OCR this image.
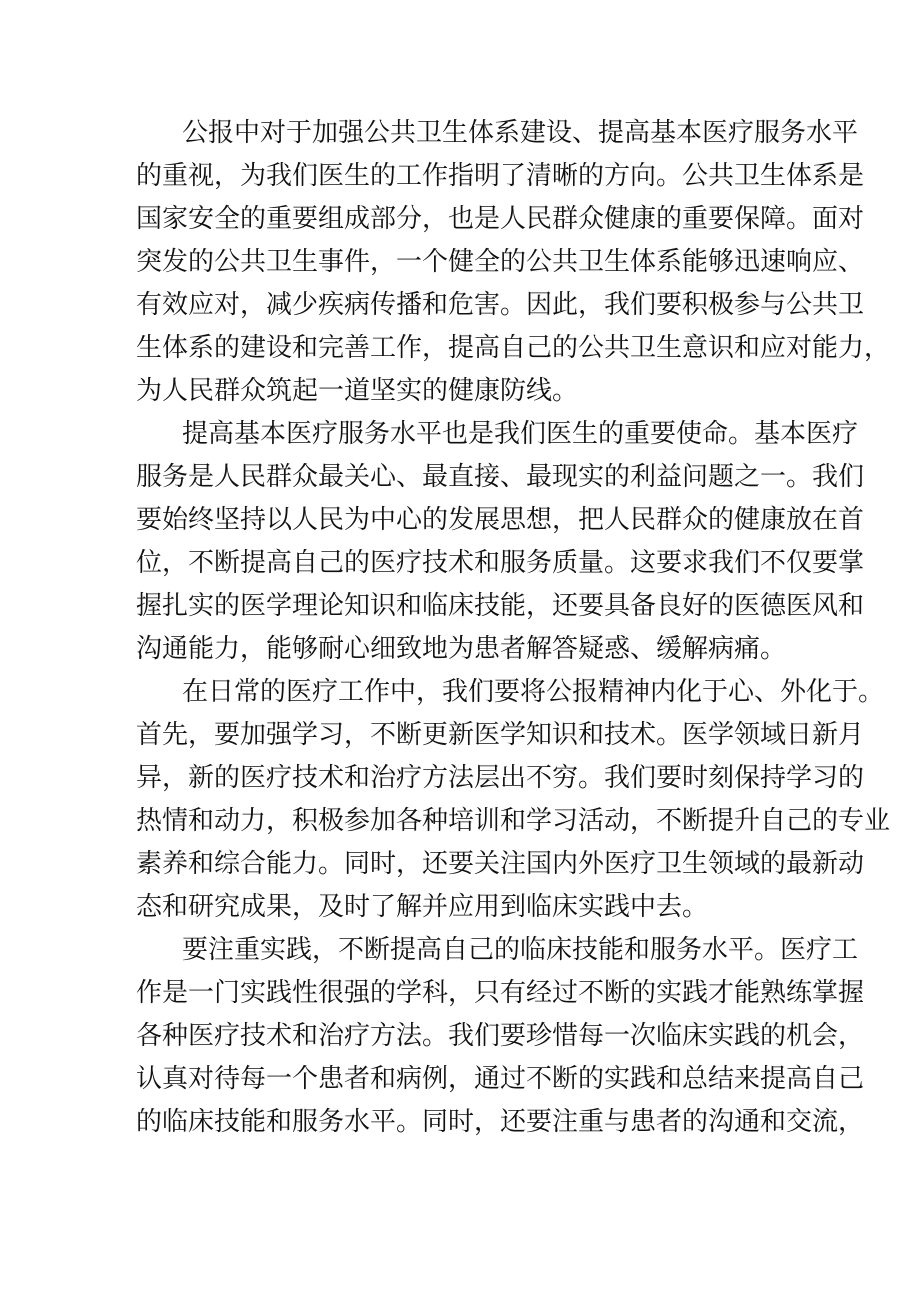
公报中对于加强公共卫生体系建设、提高基本医疗服务水平
的重视，为我们医生的工作指明了清晰的方向。公共卫生体系是
国家安全的重要组成部分，也是人民群众健康的重要保障。面对
突发的公共卫生事件，一个健全的公共卫生体系能够迅速响应、
有效应对，减少疾病传播和危害。因此，我们要积极参与公共卫
生体系的建设和完善工作，提高自己的公共卫生意识和应对能力，
为人民群众筑起一道坚实的健康防线。
提高基本医疗服务水平也是我们医生的重要使命。基本医疗
服务是人民群众最关心、最直接、最现实的利益问题之一。我们
要始终坚持以人民为中心的发展思想，把人民群众的健康放在首
位，不断提高自己的医疗技术和服务质量。这要求我们不仅要掌
握扎实的医学理论知识和临床技能，还要具备良好的医德医风和
沟通能力，能够耐心细致地为患者解答疑惑、缓解病痛。
在日常的医疗工作中，我们要将公报精神内化于心、外化于。
首先，要加强学习，不断更新医学知识和技术。医学领域日新月
异，新的医疗技术和治疗方法层出不穷。我们要时刻保持学习的
热情和动力，积极参加各种培训和学习活动，不断提升自己的专业
素养和综合能力。同时，还要关注国内外医疗卫生领域的最新动
态和研究成果，及时了解并应用到临床实践中去。
要注重实践，不断提高自己的临床技能和服务水平。医疗工
作是一门实践性很强的学科，只有经过不断的实践才能熟练掌握
各种医疗技术和治疗方法。我们要珍惜每一次临床实践的机会，
认真对待每一个患者和病例，通过不断的实践和总结来提高自己
的临床技能和服务水平。同时，还要注重与患者的沟通和交流，
